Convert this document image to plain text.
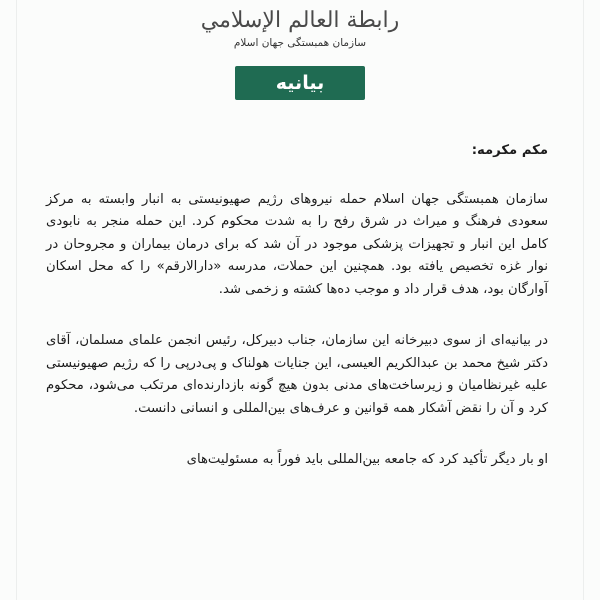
رابطة العالم الإسلامي
سازمان همبستگی جهان اسلام
بیانیه

مکم مکرمه:

سازمان همبستگی جهان اسلام حمله نیروهای رژیم صهیونیستی به انبار وابسته به مرکز سعودی فرهنگ و میراث در شرق رفح را به شدت محکوم کرد. این حمله منجر به نابودی کامل این انبار و تجهیزات پزشکی موجود در آن شد که برای درمان بیماران و مجروحان در نوار غزه تخصیص یافته بود. همچنین این حملات، مدرسه «دارالارقم» را که محل اسکان آوارگان بود، هدف قرار داد و موجب ده‌ها کشته و زخمی شد.

در بیانیه‌ای از سوی دبیرخانه این سازمان، جناب دبیرکل، رئیس انجمن علمای مسلمان، آقای دکتر شیخ محمد بن عبدالکریم العیسی، این جنایات هولناک و پی‌درپی را که رژیم صهیونیستی علیه غیرنظامیان و زیرساخت‌های مدنی بدون هیچ گونه بازدارنده‌ای مرتکب می‌شود، محکوم کرد و آن را نقض آشکار همه قوانین و عرف‌های بین‌المللی و انسانی دانست.

او بار دیگر تأکید کرد که جامعه بین‌المللی باید فوراً به مسئولیت‌های
